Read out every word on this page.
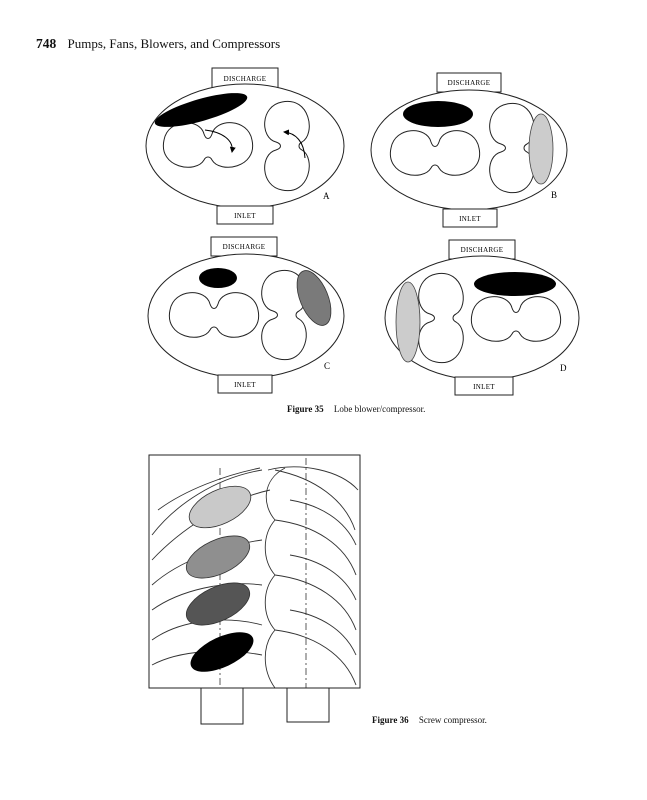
748 Pumps, Fans, Blowers, and Compressors
DISCHARGE
INLET
A
DISCHARGE
INLET
B
DISCHARGE
INLET
C
DISCHARGE
INLET
D
Figure 35 Lobe blower/compressor.
Figure 36 Screw compressor.
